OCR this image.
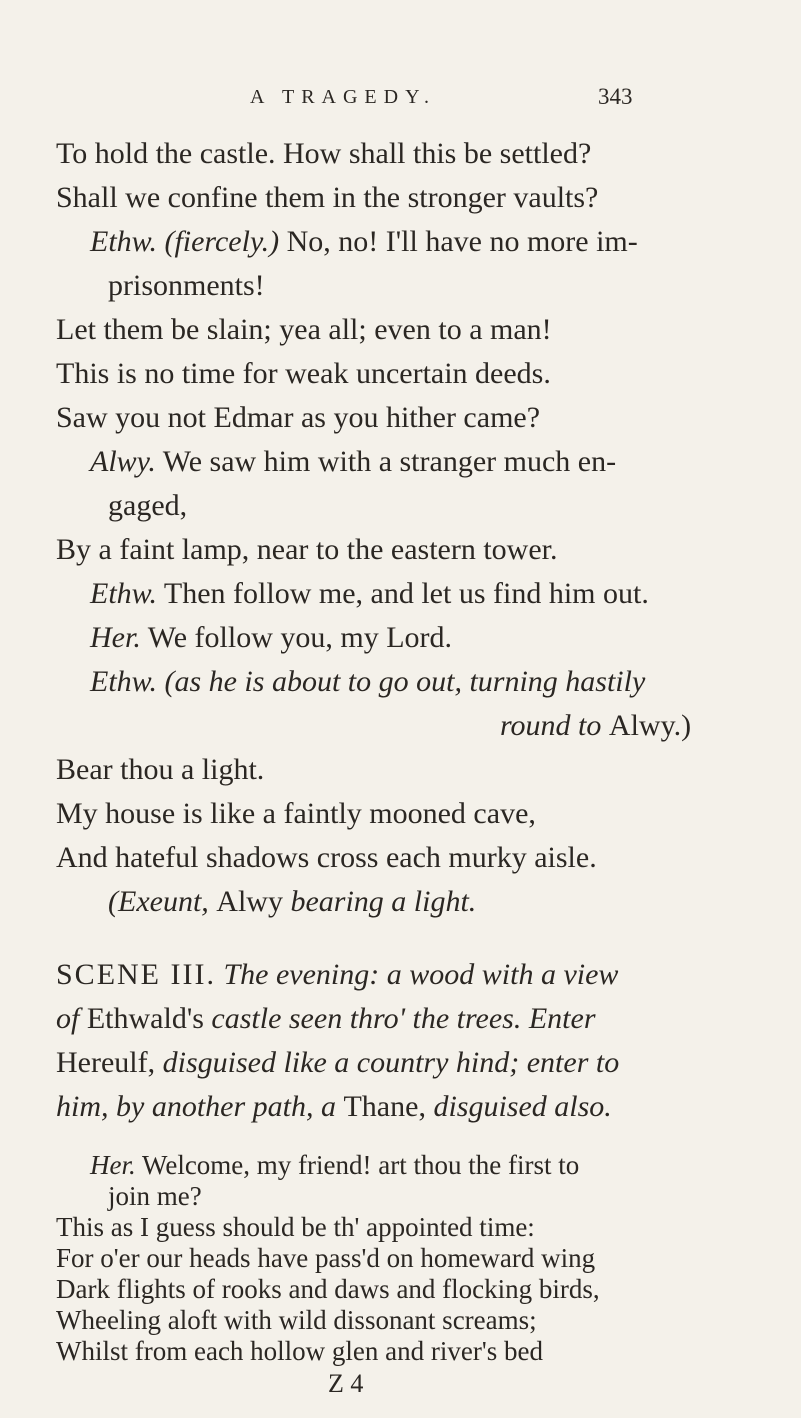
A TRAGEDY.	343
To hold the castle. How shall this be settled?
Shall we confine them in the stronger vaults?
Ethw. (fiercely.) No, no! I'll have no more im-
prisonments!
Let them be slain; yea all; even to a man!
This is no time for weak uncertain deeds.
Saw you not Edmar as you hither came?
Alwy. We saw him with a stranger much en-
gaged,
By a faint lamp, near to the eastern tower.
Ethw. Then follow me, and let us find him out.
Her. We follow you, my Lord.
Ethw. (as he is about to go out, turning hastily
round to Alwy.)
Bear thou a light.
My house is like a faintly mooned cave,
And hateful shadows cross each murky aisle.
(Exeunt, Alwy bearing a light.
SCENE III. The evening: a wood with a view
of Ethwald's castle seen thro' the trees. Enter
Hereulf, disguised like a country hind; enter to
him, by another path, a Thane, disguised also.
Her. Welcome, my friend! art thou the first to
join me?
This as I guess should be th' appointed time:
For o'er our heads have pass'd on homeward wing
Dark flights of rooks and daws and flocking birds,
Z 4
Wheeling aloft with wild dissonant screams;
Whilst from each hollow glen and river's bed
